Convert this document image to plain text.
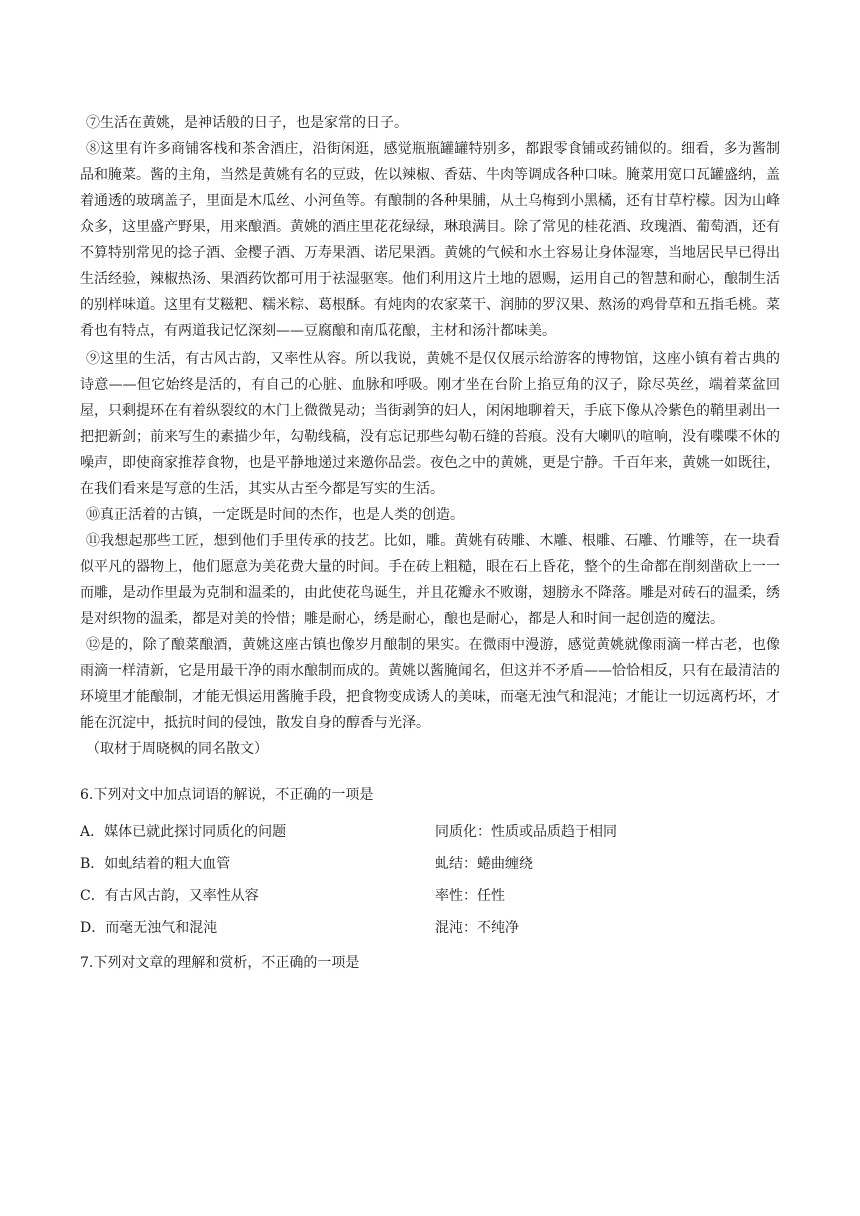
⑦生活在黄姚，是神话般的日子，也是家常的日子。

⑧这里有许多商铺客栈和茶舍酒庄，沿街闲逛，感觉瓶瓶罐罐特别多，都跟零食铺或药铺似的。细看，多为酱制品和腌菜。酱的主角，当然是黄姚有名的豆豉，佐以辣椒、香菇、牛肉等调成各种口味。腌菜用宽口瓦罐盛纳，盖着通透的玻璃盖子，里面是木瓜丝、小河鱼等。有酿制的各种果脯，从土乌梅到小黑橘，还有甘草柠檬。因为山峰众多，这里盛产野果，用来酿酒。黄姚的酒庄里花花绿绿，琳琅满目。除了常见的桂花酒、玫瑰酒、葡萄酒，还有不算特别常见的捻子酒、金樱子酒、万寿果酒、诺尼果酒。黄姚的气候和水土容易让身体湿寒，当地居民早已得出生活经验，辣椒热汤、果酒药饮都可用于祛湿驱寒。他们利用这片土地的恩赐，运用自己的智慧和耐心，酿制生活的别样味道。这里有艾糍粑、糯米粽、葛根酥。有炖肉的农家菜干、润肺的罗汉果、熬汤的鸡骨草和五指毛桃。菜肴也有特点，有两道我记忆深刻——豆腐酿和南瓜花酿，主材和汤汁都味美。

⑨这里的生活，有古风古韵，又率性从容。所以我说，黄姚不是仅仅展示给游客的博物馆，这座小镇有着古典的诗意——但它始终是活的，有自己的心脏、血脉和呼吸。刚才坐在台阶上掐豆角的汉子，除尽英丝，端着菜盆回屋，只剩提环在有着纵裂纹的木门上微微晃动；当街剥笋的妇人，闲闲地聊着天，手底下像从冷紫色的鞘里剥出一把把新剑；前来写生的素描少年，勾勒线稿，没有忘记那些勾勒石缝的苔痕。没有大喇叭的喧响，没有喋喋不休的噪声，即使商家推荐食物，也是平静地递过来邀你品尝。夜色之中的黄姚，更是宁静。千百年来，黄姚一如既往，在我们看来是写意的生活，其实从古至今都是写实的生活。

⑩真正活着的古镇，一定既是时间的杰作，也是人类的创造。

⑪我想起那些工匠，想到他们手里传承的技艺。比如，雕。黄姚有砖雕、木雕、根雕、石雕、竹雕等，在一块看似平凡的器物上，他们愿意为美花费大量的时间。手在砖上粗糙，眼在石上昏花，整个的生命都在削刻凿砍上一一而雕，是动作里最为克制和温柔的，由此使花鸟诞生，并且花瓣永不败谢，翅膀永不降落。雕是对砖石的温柔，绣是对织物的温柔，都是对美的怜惜；雕是耐心，绣是耐心，酿也是耐心，都是人和时间一起创造的魔法。

⑫是的，除了酿菜酿酒，黄姚这座古镇也像岁月酿制的果实。在微雨中漫游，感觉黄姚就像雨滴一样古老，也像雨滴一样清新，它是用最干净的雨水酿制而成的。黄姚以酱腌闻名，但这并不矛盾——恰恰相反，只有在最清洁的环境里才能酿制，才能无惧运用酱腌手段，把食物变成诱人的美味，而毫无浊气和混沌；才能让一切远离朽坏，才能在沉淀中，抵抗时间的侵蚀，散发自身的醇香与光泽。

（取材于周晓枫的同名散文）

6.下列对文中加点词语的解说，不正确的一项是

A．媒体已就此探讨同质化的问题	同质化：性质或品质趋于相同
B．如虬结着的粗大血管	虬结：蜷曲缠绕
C．有古风古韵，又率性从容	率性：任性
D．而毫无浊气和混沌	混沌：不纯净

7.下列对文章的理解和赏析，不正确的一项是
